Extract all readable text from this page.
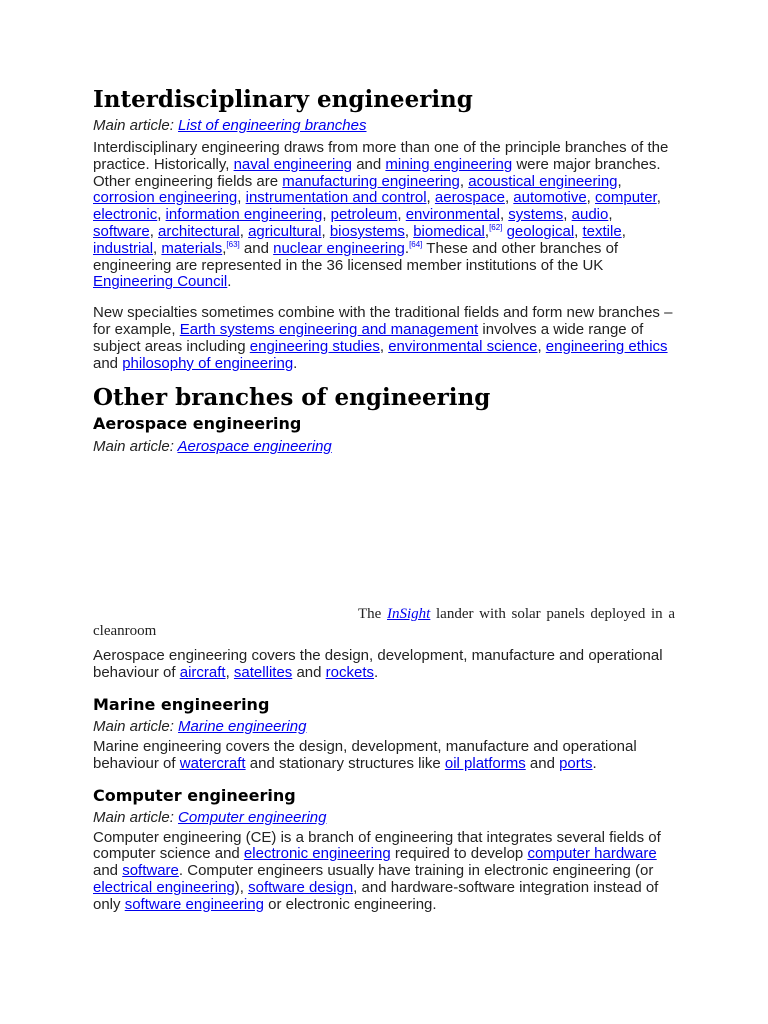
Interdisciplinary engineering
Main article: List of engineering branches

Interdisciplinary engineering draws from more than one of the principle branches of the practice. Historically, naval engineering and mining engineering were major branches. Other engineering fields are manufacturing engineering, acoustical engineering, corrosion engineering, instrumentation and control, aerospace, automotive, computer, electronic, information engineering, petroleum, environmental, systems, audio, software, architectural, agricultural, biosystems, biomedical,[62] geological, textile, industrial, materials,[63] and nuclear engineering.[64] These and other branches of engineering are represented in the 36 licensed member institutions of the UK Engineering Council.

New specialties sometimes combine with the traditional fields and form new branches – for example, Earth systems engineering and management involves a wide range of subject areas including engineering studies, environmental science, engineering ethics and philosophy of engineering.

Other branches of engineering
Aerospace engineering
Main article: Aerospace engineering

The InSight lander with solar panels deployed in a cleanroom

Aerospace engineering covers the design, development, manufacture and operational behaviour of aircraft, satellites and rockets.

Marine engineering
Main article: Marine engineering

Marine engineering covers the design, development, manufacture and operational behaviour of watercraft and stationary structures like oil platforms and ports.

Computer engineering
Main article: Computer engineering

Computer engineering (CE) is a branch of engineering that integrates several fields of computer science and electronic engineering required to develop computer hardware and software. Computer engineers usually have training in electronic engineering (or electrical engineering), software design, and hardware-software integration instead of only software engineering or electronic engineering.
